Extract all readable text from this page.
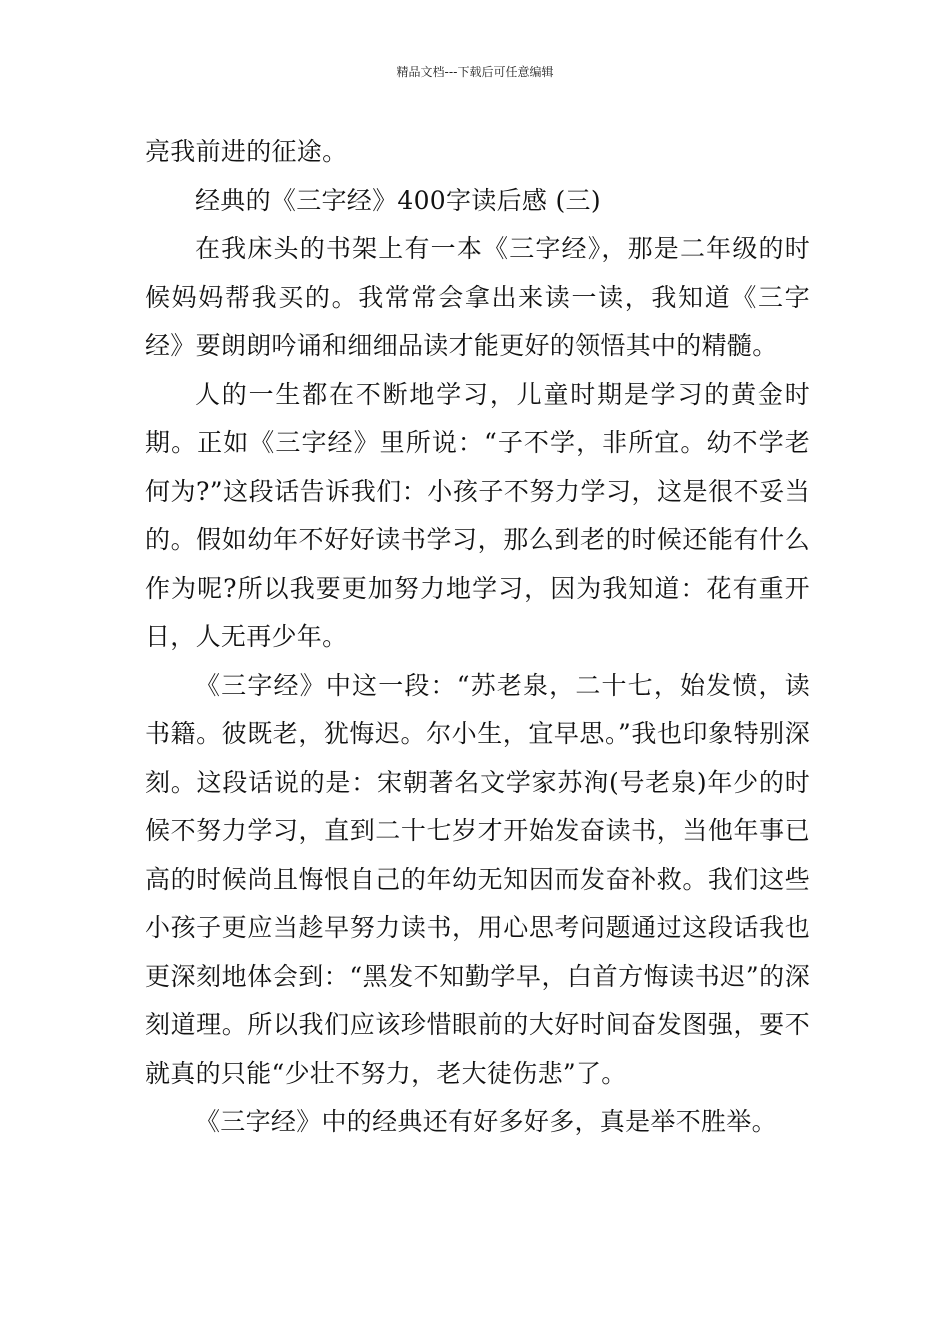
精品文档---下载后可任意编辑

亮我前进的征途。

经典的《三字经》400字读后感 (三)

在我床头的书架上有一本《三字经》，那是二年级的时候妈妈帮我买的。我常常会拿出来读一读，我知道《三字经》要朗朗吟诵和细细品读才能更好的领悟其中的精髓。

人的一生都在不断地学习，儿童时期是学习的黄金时期。正如《三字经》里所说：“子不学，非所宜。幼不学老何为?”这段话告诉我们：小孩子不努力学习，这是很不妥当的。假如幼年不好好读书学习，那么到老的时候还能有什么作为呢?所以我要更加努力地学习，因为我知道：花有重开日，人无再少年。

《三字经》中这一段：“苏老泉，二十七，始发愤，读书籍。彼既老，犹悔迟。尔小生，宜早思。”我也印象特别深刻。这段话说的是：宋朝著名文学家苏洵(号老泉)年少的时候不努力学习，直到二十七岁才开始发奋读书，当他年事已高的时候尚且悔恨自己的年幼无知因而发奋补救。我们这些小孩子更应当趁早努力读书，用心思考问题通过这段话我也更深刻地体会到：“黑发不知勤学早，白首方悔读书迟”的深刻道理。所以我们应该珍惜眼前的大好时间奋发图强，要不就真的只能“少壮不努力，老大徒伤悲”了。

《三字经》中的经典还有好多好多，真是举不胜举。
